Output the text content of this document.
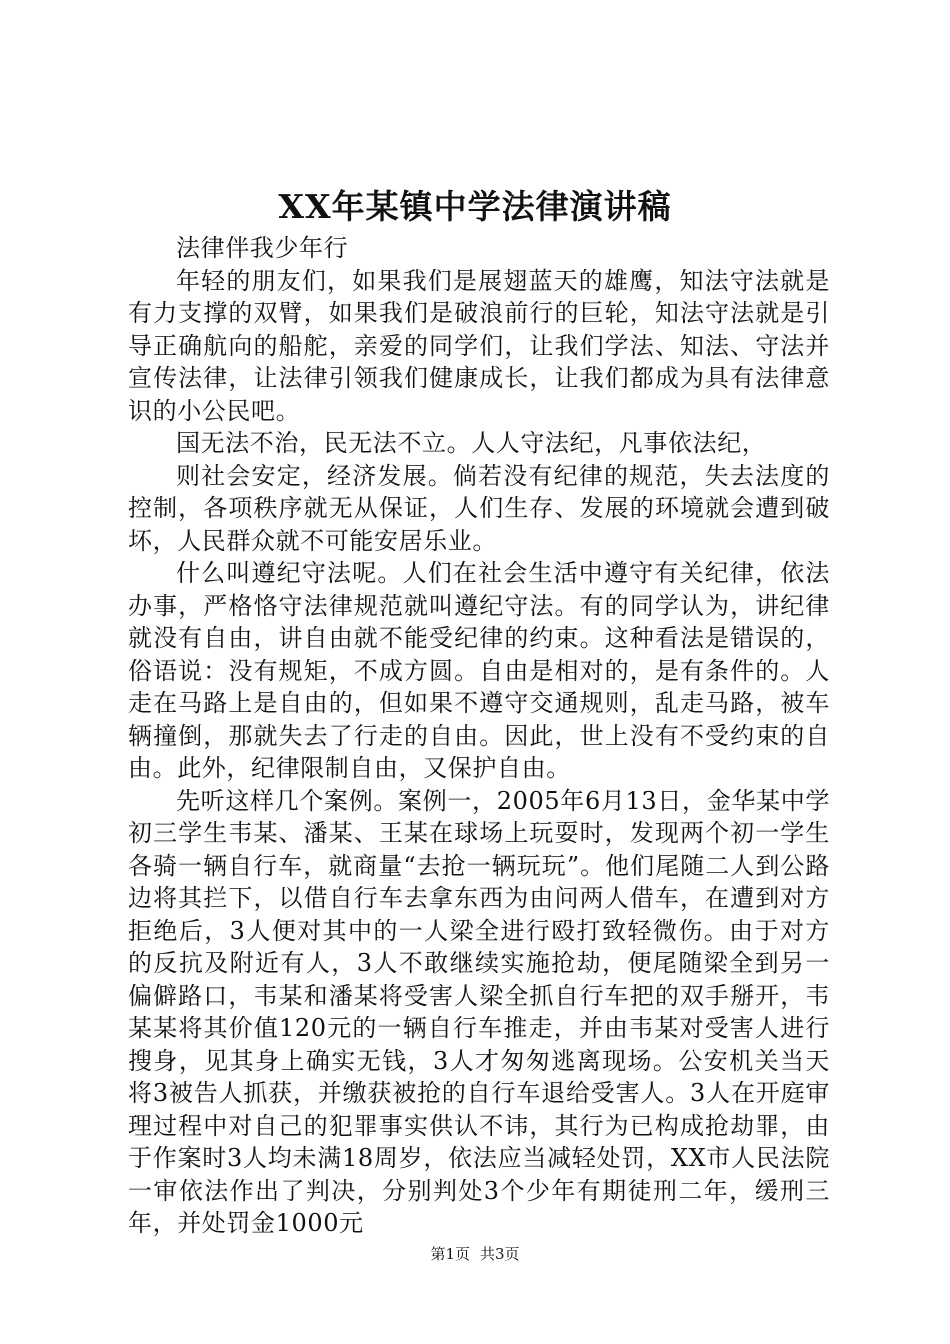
XX年某镇中学法律演讲稿

法律伴我少年行

年轻的朋友们，如果我们是展翅蓝天的雄鹰，知法守法就是有力支撑的双臂，如果我们是破浪前行的巨轮，知法守法就是引导正确航向的船舵，亲爱的同学们，让我们学法、知法、守法并宣传法律，让法律引领我们健康成长，让我们都成为具有法律意识的小公民吧。

国无法不治，民无法不立。人人守法纪，凡事依法纪，

则社会安定，经济发展。倘若没有纪律的规范，失去法度的控制，各项秩序就无从保证，人们生存、发展的环境就会遭到破坏，人民群众就不可能安居乐业。

什么叫遵纪守法呢。人们在社会生活中遵守有关纪律，依法办事，严格恪守法律规范就叫遵纪守法。有的同学认为，讲纪律就没有自由，讲自由就不能受纪律的约束。这种看法是错误的，俗语说：没有规矩，不成方圆。自由是相对的，是有条件的。人走在马路上是自由的，但如果不遵守交通规则，乱走马路，被车辆撞倒，那就失去了行走的自由。因此，世上没有不受约束的自由。此外，纪律限制自由，又保护自由。

先听这样几个案例。案例一，2005年6月13日，金华某中学初三学生韦某、潘某、王某在球场上玩耍时，发现两个初一学生各骑一辆自行车，就商量“去抢一辆玩玩”。他们尾随二人到公路边将其拦下，以借自行车去拿东西为由问两人借车，在遭到对方拒绝后，3人便对其中的一人梁全进行殴打致轻微伤。由于对方的反抗及附近有人，3人不敢继续实施抢劫，便尾随梁全到另一偏僻路口，韦某和潘某将受害人梁全抓自行车把的双手掰开，韦某某将其价值120元的一辆自行车推走，并由韦某对受害人进行搜身，见其身上确实无钱，3人才匆匆逃离现场。公安机关当天将3被告人抓获，并缴获被抢的自行车退给受害人。3人在开庭审理过程中对自己的犯罪事实供认不讳，其行为已构成抢劫罪，由于作案时3人均未满18周岁，依法应当减轻处罚，XX市人民法院一审依法作出了判决，分别判处3个少年有期徒刑二年，缓刑三年，并处罚金1000元

第1页 共3页
